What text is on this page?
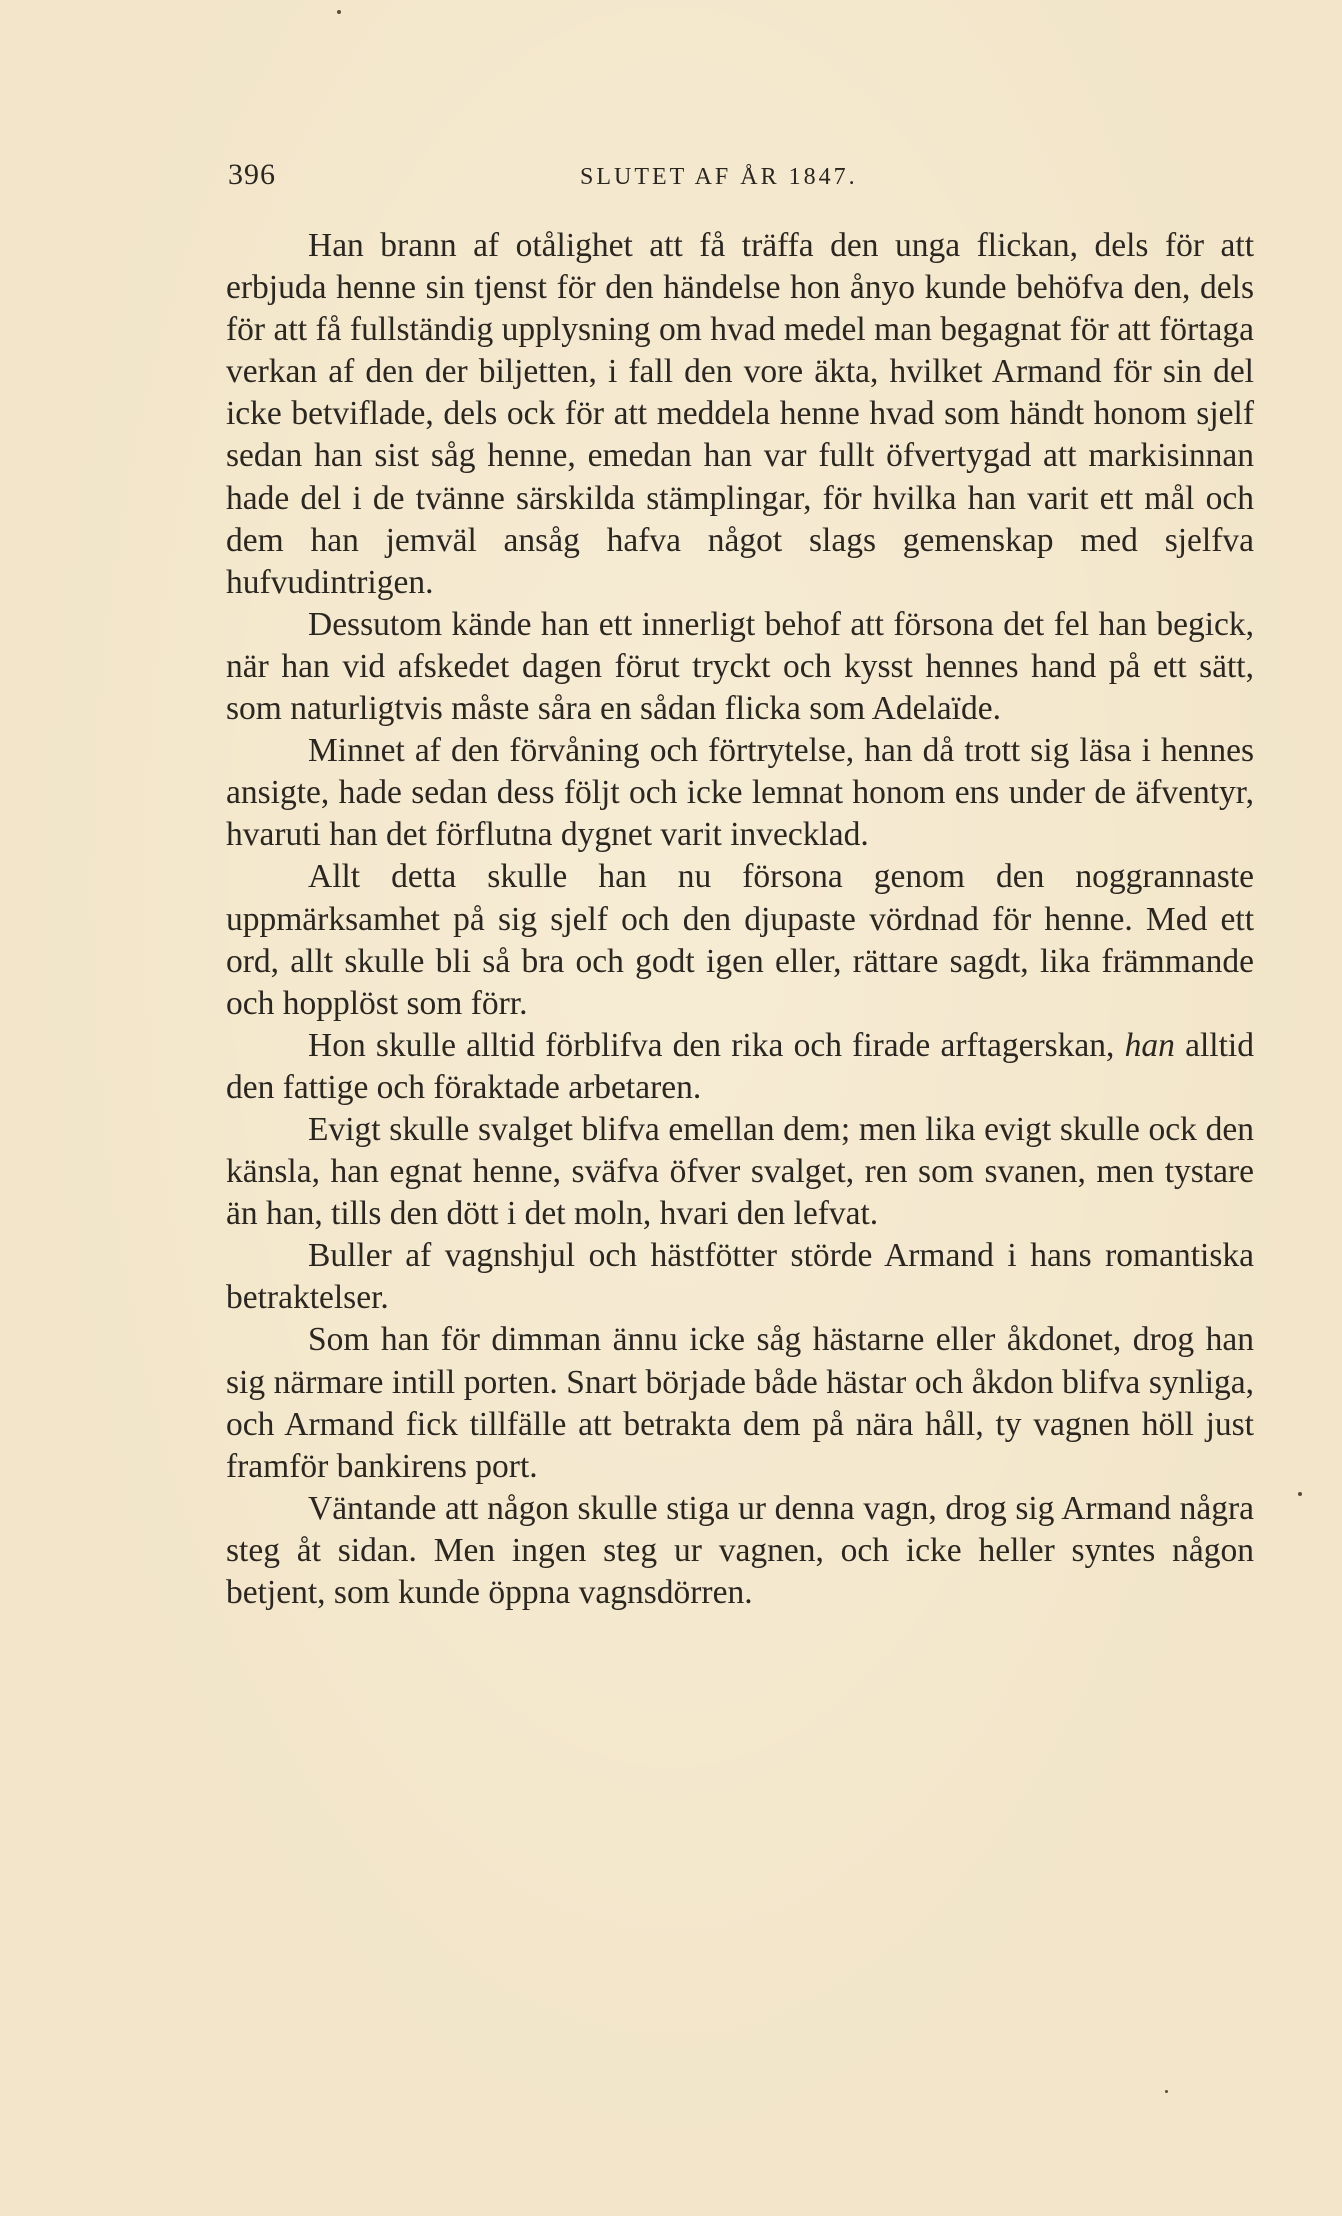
396	SLUTET AF ÅR 1847.

Han brann af otålighet att få träffa den unga flickan, dels för att erbjuda henne sin tjenst för den händelse hon ånyo kunde behöfva den, dels för att få fullständig upplysning om hvad medel man begagnat för att förtaga verkan af den der biljetten, i fall den vore äkta, hvilket Armand för sin del icke betviflade, dels ock för att meddela henne hvad som händt honom sjelf sedan han sist såg henne, emedan han var fullt öfvertygad att markisinnan hade del i de tvänne särskilda stämplingar, för hvilka han varit ett mål och dem han jemväl ansåg hafva något slags gemenskap med sjelfva hufvudintrigen.

Dessutom kände han ett innerligt behof att försona det fel han begick, när han vid afskedet dagen förut tryckt och kysst hennes hand på ett sätt, som naturligtvis måste såra en sådan flicka som Adelaïde.

Minnet af den förvåning och förtrytelse, han då trott sig läsa i hennes ansigte, hade sedan dess följt och icke lemnat honom ens under de äfventyr, hvaruti han det förflutna dygnet varit invecklad.

Allt detta skulle han nu försona genom den noggrannaste uppmärksamhet på sig sjelf och den djupaste vördnad för henne. Med ett ord, allt skulle bli så bra och godt igen eller, rättare sagdt, lika främmande och hopplöst som förr.

Hon skulle alltid förblifva den rika och firade arftagerskan, han alltid den fattige och föraktade arbetaren.

Evigt skulle svalget blifva emellan dem; men lika evigt skulle ock den känsla, han egnat henne, sväfva öfver svalget, ren som svanen, men tystare än han, tills den dött i det moln, hvari den lefvat.

Buller af vagnshjul och hästfötter störde Armand i hans romantiska betraktelser.

Som han för dimman ännu icke såg hästarne eller åkdonet, drog han sig närmare intill porten. Snart började både hästar och åkdon blifva synliga, och Armand fick tillfälle att betrakta dem på nära håll, ty vagnen höll just framför bankirens port.

Väntande att någon skulle stiga ur denna vagn, drog sig Armand några steg åt sidan. Men ingen steg ur vagnen, och icke heller syntes någon betjent, som kunde öppna vagnsdörren.
